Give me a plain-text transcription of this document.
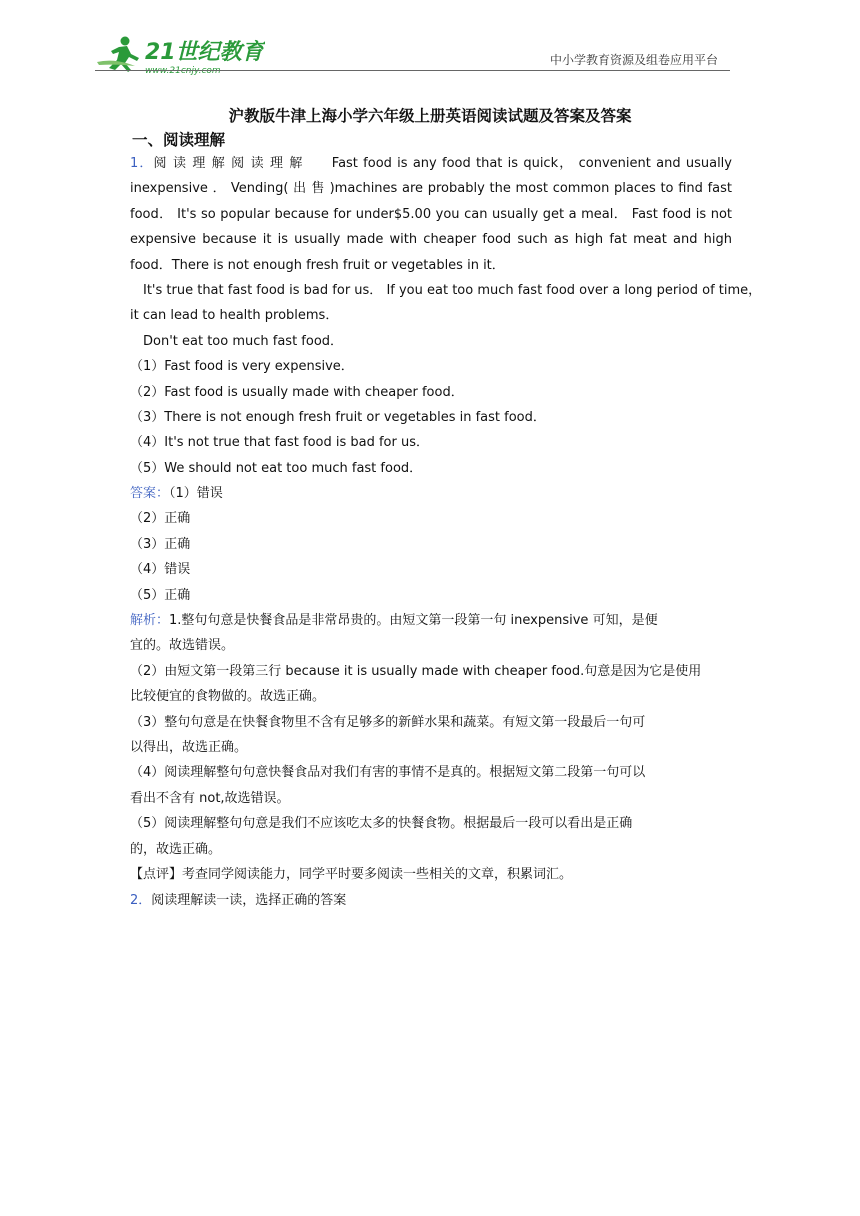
21世纪教育
www.21cnjy.com
中小学教育资源及组卷应用平台
沪教版牛津上海小学六年级上册英语阅读试题及答案及答案
一、阅读理解
1．阅 读 理 解 阅 读 理 解　　Fast food is any food that is quick， convenient and usually
inexpensive ． Vending( 出 售 )machines are probably the most common places to find fast
food． It's so popular because for under$5.00 you can usually get a meal． Fast food is not
expensive because it is usually made with cheaper food such as high fat meat and high
food．There is not enough fresh fruit or vegetables in it．
It's true that fast food is bad for us． If you eat too much fast food over a long period of time，
it can lead to health problems．
Don't eat too much fast food．
（1）Fast food is very expensive．
（2）Fast food is usually made with cheaper food．
（3）There is not enough fresh fruit or vegetables in fast food．
（4）It's not true that fast food is bad for us．
（5）We should not eat too much fast food．
答案：（1）错误
（2）正确
（3）正确
（4）错误
（5）正确
解析：1.整句句意是快餐食品是非常昂贵的。由短文第一段第一句 inexpensive 可知，是便
宜的。故选错误。
（2）由短文第一段第三行 because it is usually made with cheaper food.句意是因为它是使用
比较便宜的食物做的。故选正确。
（3）整句句意是在快餐食物里不含有足够多的新鲜水果和蔬菜。有短文第一段最后一句可
以得出，故选正确。
（4）阅读理解整句句意快餐食品对我们有害的事情不是真的。根据短文第二段第一句可以
看出不含有 not,故选错误。
（5）阅读理解整句句意是我们不应该吃太多的快餐食物。根据最后一段可以看出是正确
的，故选正确。
【点评】考查同学阅读能力，同学平时要多阅读一些相关的文章，积累词汇。
2．阅读理解读一读，选择正确的答案
